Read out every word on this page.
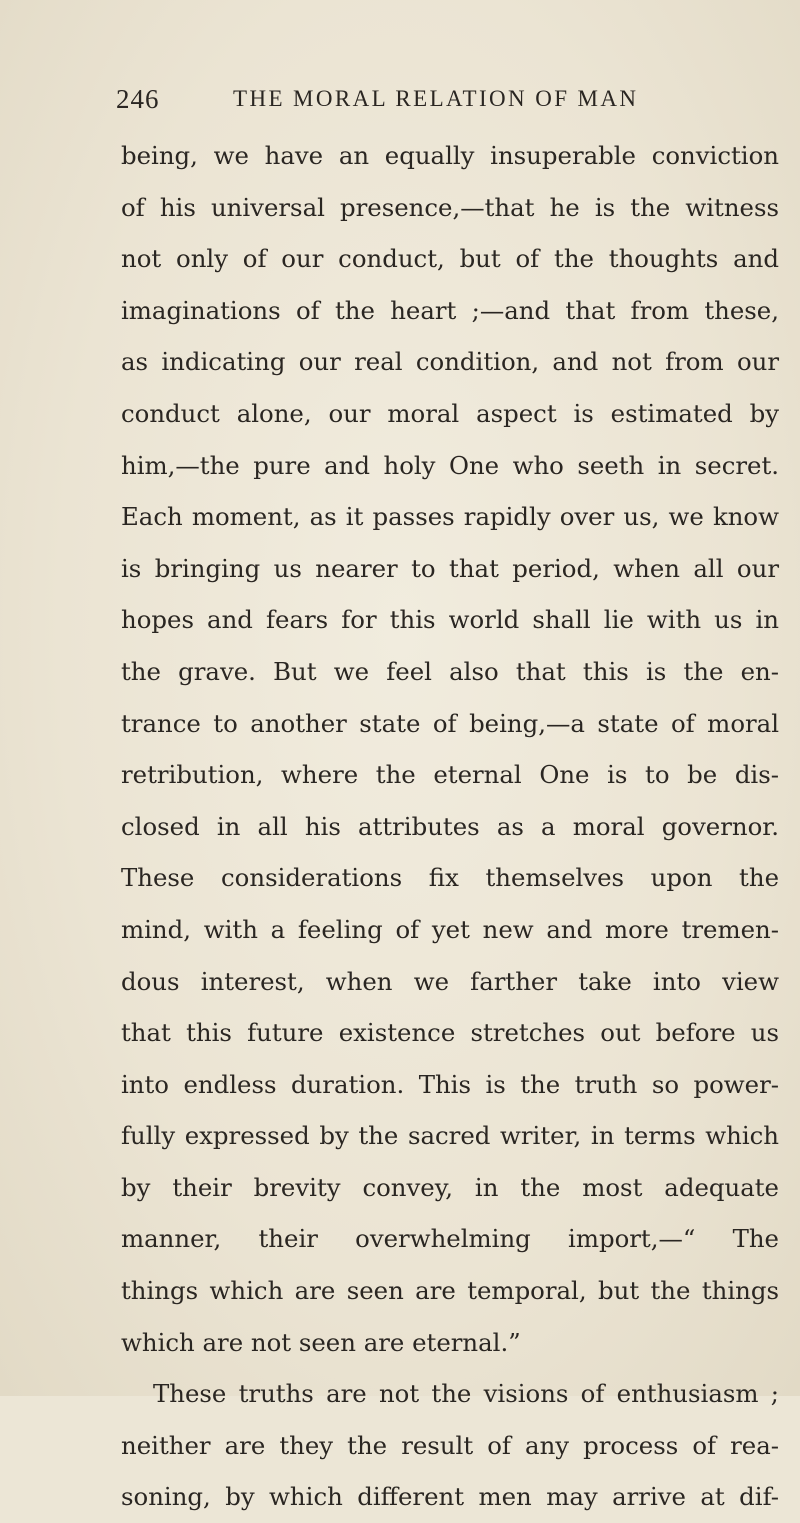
246	THE MORAL RELATION OF MAN
being, we have an equally insuperable conviction
of his universal presence,—that he is the witness
not only of our conduct, but of the thoughts and
imaginations of the heart ;—and that from these,
as indicating our real condition, and not from our
conduct alone, our moral aspect is estimated by
him,—the pure and holy One who seeth in secret.
Each moment, as it passes rapidly over us, we know
is bringing us nearer to that period, when all our
hopes and fears for this world shall lie with us in
the grave. But we feel also that this is the en-
trance to another state of being,—a state of moral
retribution, where the eternal One is to be dis-
closed in all his attributes as a moral governor.
These considerations fix themselves upon the
mind, with a feeling of yet new and more tremen-
dous interest, when we farther take into view
that this future existence stretches out before us
into endless duration. This is the truth so power-
fully expressed by the sacred writer, in terms which
by their brevity convey, in the most adequate
manner, their overwhelming import,—“ The
things which are seen are temporal, but the things
which are not seen are eternal.”
These truths are not the visions of enthusiasm ;
neither are they the result of any process of rea-
soning, by which different men may arrive at dif-
